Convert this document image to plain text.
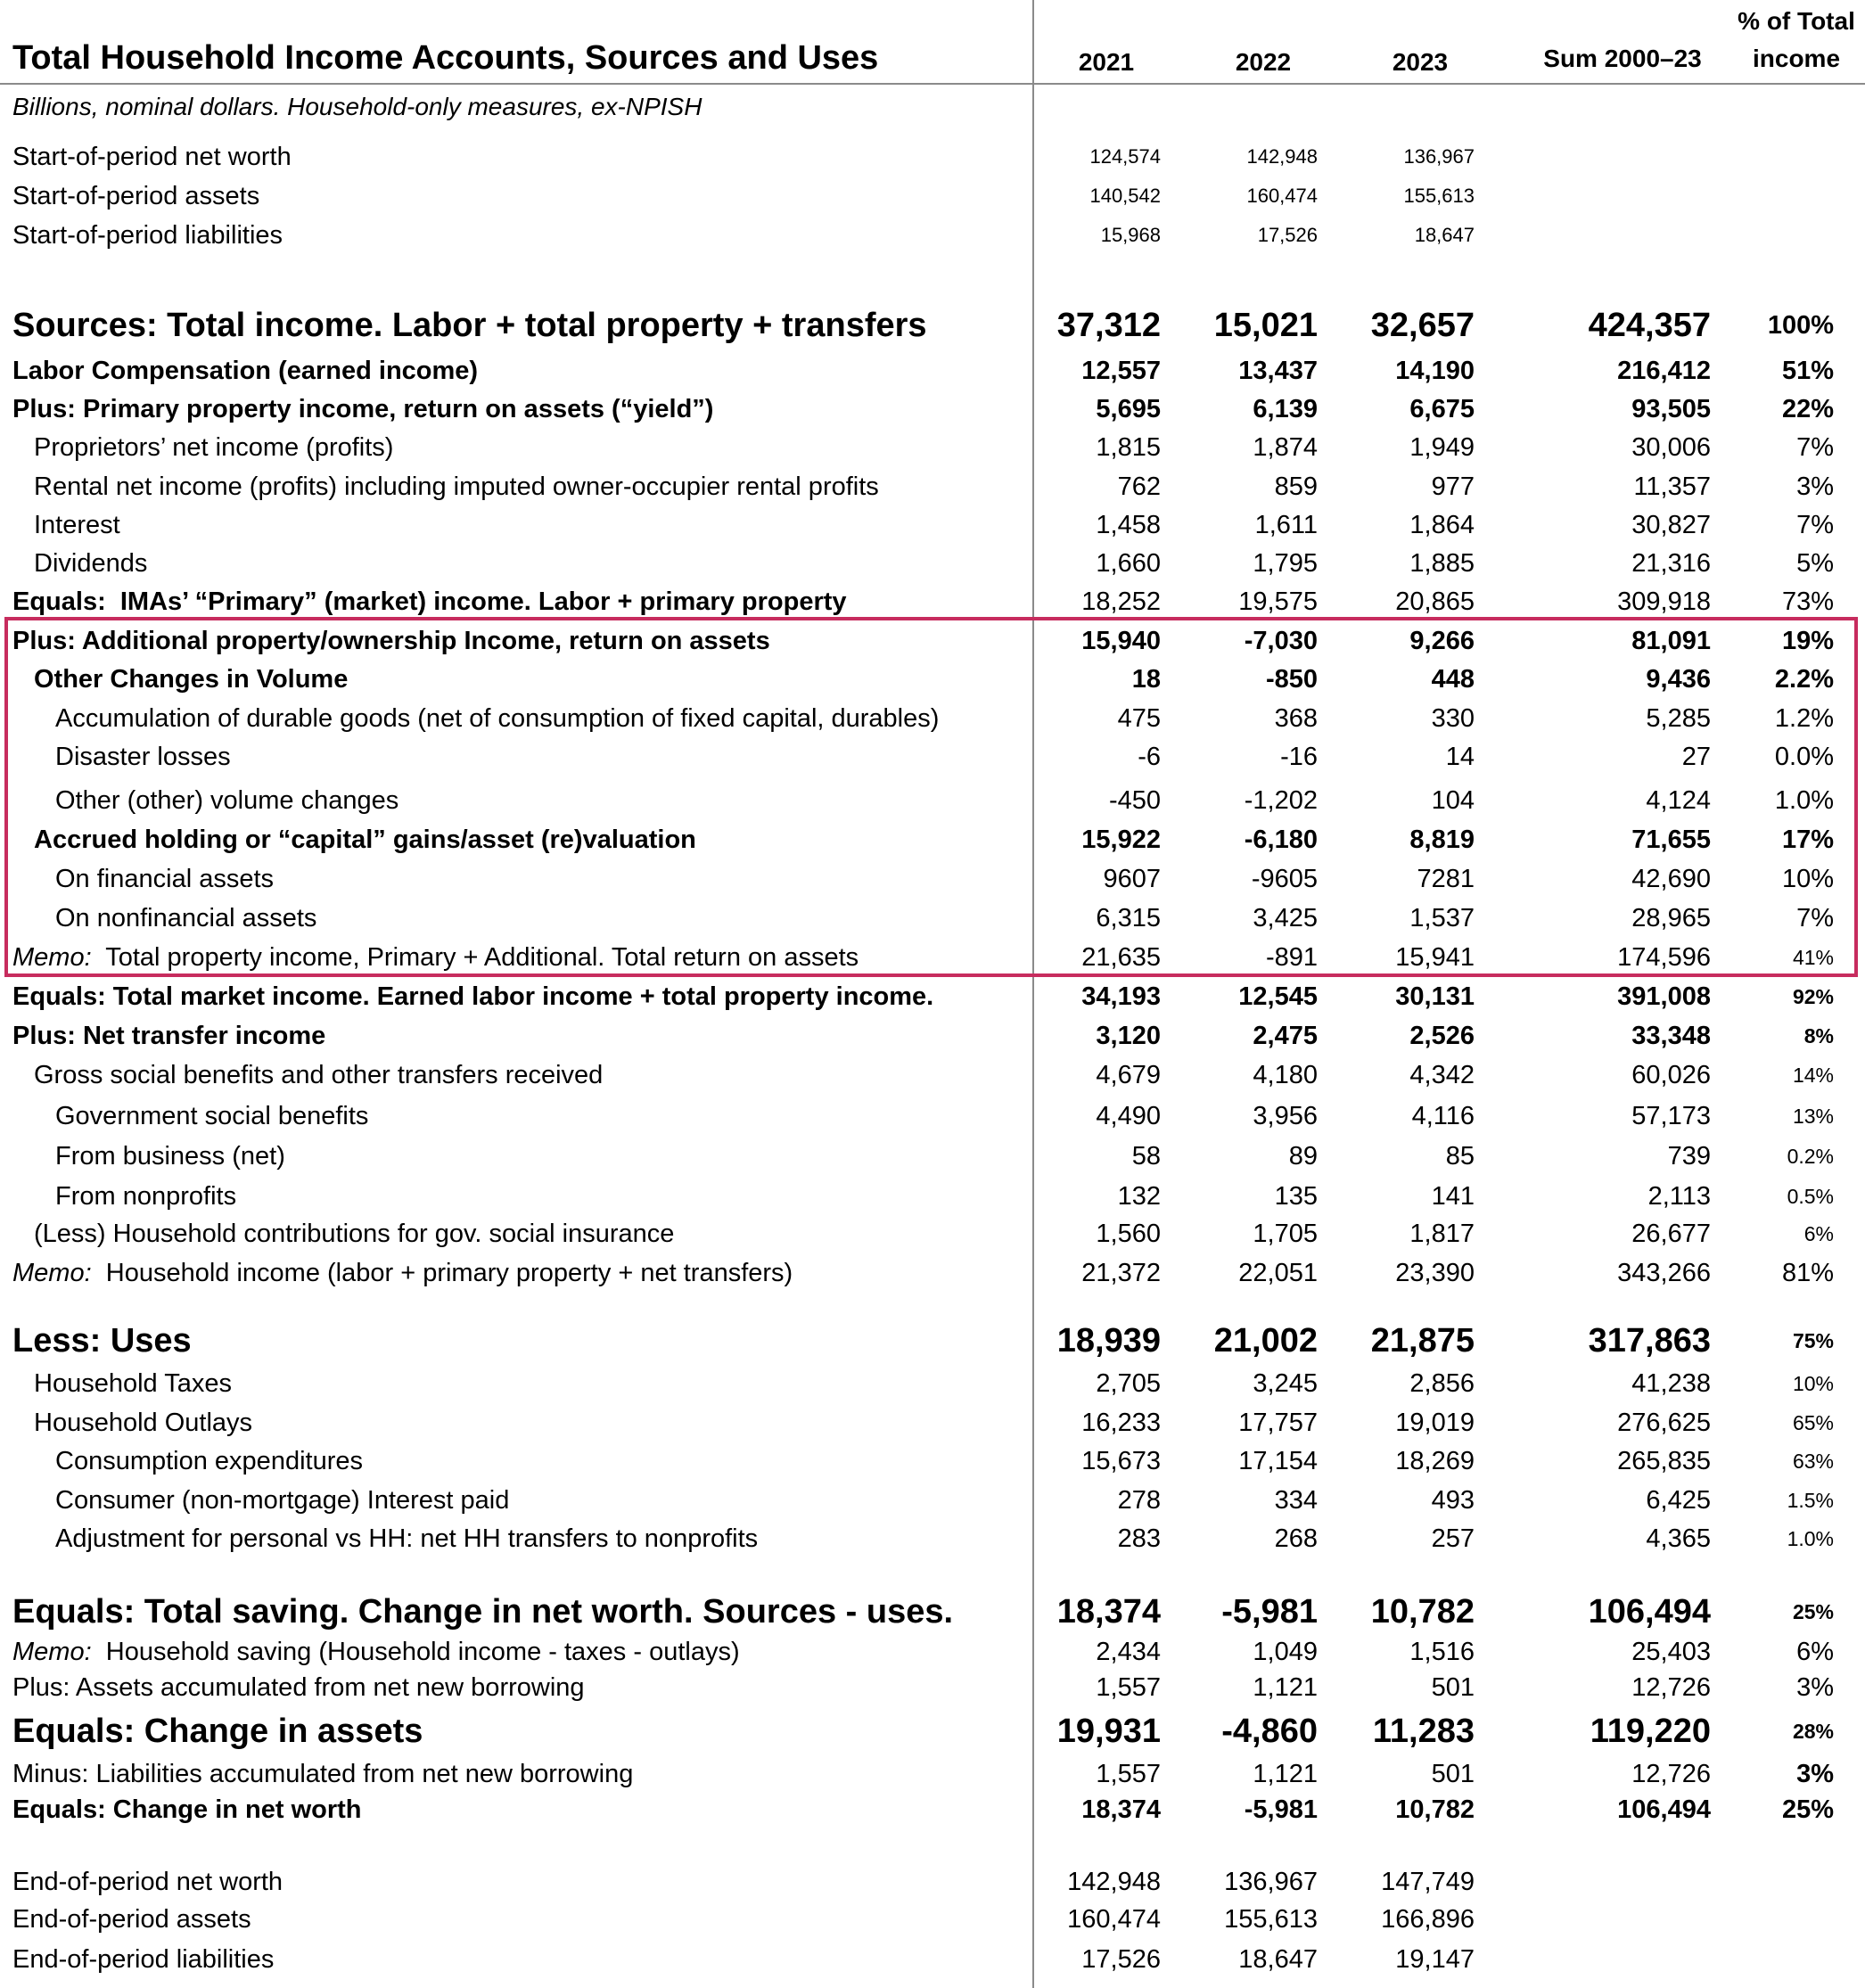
Total Household Income Accounts, Sources and Uses	2021	2022	2023	Sum 2000–23
% of Total
income
Billions, nominal dollars. Household-only measures, ex-NPISH
Start-of-period net worth	124,574	142,948	136,967
Start-of-period assets	140,542	160,474	155,613
Start-of-period liabilities	15,968	17,526	18,647
Sources: Total income. Labor + total property + transfers	37,312 15,021 32,657	424,357 100%
Labor Compensation (earned income)	12,557	13,437	14,190	216,412	51%
Plus: Primary property income, return on assets (“yield”)	5,695	6,139	6,675	93,505	22%
Proprietors’ net income (profits)	1,815	1,874	1,949	30,006	7%
Rental net income (profits) including imputed owner-occupier rental profits	762	859	977	11,357	3%
Interest	1,458	1,611	1,864	30,827	7%
Dividends	1,660	1,795	1,885	21,316	5%
Equals:  IMAs’ “Primary” (market) income. Labor + primary property	18,252	19,575	20,865	309,918	73%
Plus: Additional property/ownership Income, return on assets	15,940	-7,030	9,266	81,091	19%
Other Changes in Volume	18	-850	448	9,436 2.2%
Accumulation of durable goods (net of consumption of fixed capital, durables)	475	368	330	5,285 1.2%
Disaster losses	-6	-16	14	27 0.0%
Other (other) volume changes	-450	-1,202	104	4,124 1.0%
Accrued holding or “capital” gains/asset (re)valuation	15,922	-6,180	8,819	71,655	17%
On financial assets	9607	-9605	7281	42,690	10%
On nonfinancial assets	6,315	3,425	1,537	28,965	7%
Memo:  Total property income, Primary + Additional. Total return on assets	21,635	-891	15,941	174,596	41%
Equals: Total market income. Earned labor income + total property income.	34,193	12,545	30,131	391,008	92%
Plus: Net transfer income	3,120	2,475	2,526	33,348	8%
Gross social benefits and other transfers received	4,679	4,180	4,342	60,026	14%
Government social benefits	4,490	3,956	4,116	57,173	13%
From business (net)	58	89	85	739	0.2%
From nonprofits	132	135	141	2,113	0.5%
(Less) Household contributions for gov. social insurance	1,560	1,705	1,817	26,677	6%
Memo:  Household income (labor + primary property + net transfers)	21,372	22,051	23,390	343,266	81%
Less: Uses	18,939 21,002 21,875	317,863	75%
Household Taxes	2,705	3,245	2,856	41,238	10%
Household Outlays	16,233	17,757	19,019	276,625	65%
Consumption expenditures	15,673	17,154	18,269	265,835	63%
Consumer (non-mortgage) Interest paid	278	334	493	6,425	1.5%
Adjustment for personal vs HH: net HH transfers to nonprofits	283	268	257	4,365	1.0%
Equals: Total saving. Change in net worth. Sources - uses.	18,374 -5,981 10,782	106,494	25%
Memo:  Household saving (Household income - taxes - outlays)	2,434	1,049	1,516	25,403	6%
Plus: Assets accumulated from net new borrowing	1,557	1,121	501	12,726	3%
Equals: Change in assets	19,931 -4,860 11,283	119,220	28%
Minus: Liabilities accumulated from net new borrowing	1,557	1,121	501	12,726	3%
Equals: Change in net worth	18,374	-5,981	10,782	106,494	25%
End-of-period net worth	142,948 136,967 147,749
End-of-period assets	160,474 155,613 166,896
End-of-period liabilities	17,526	18,647	19,147
